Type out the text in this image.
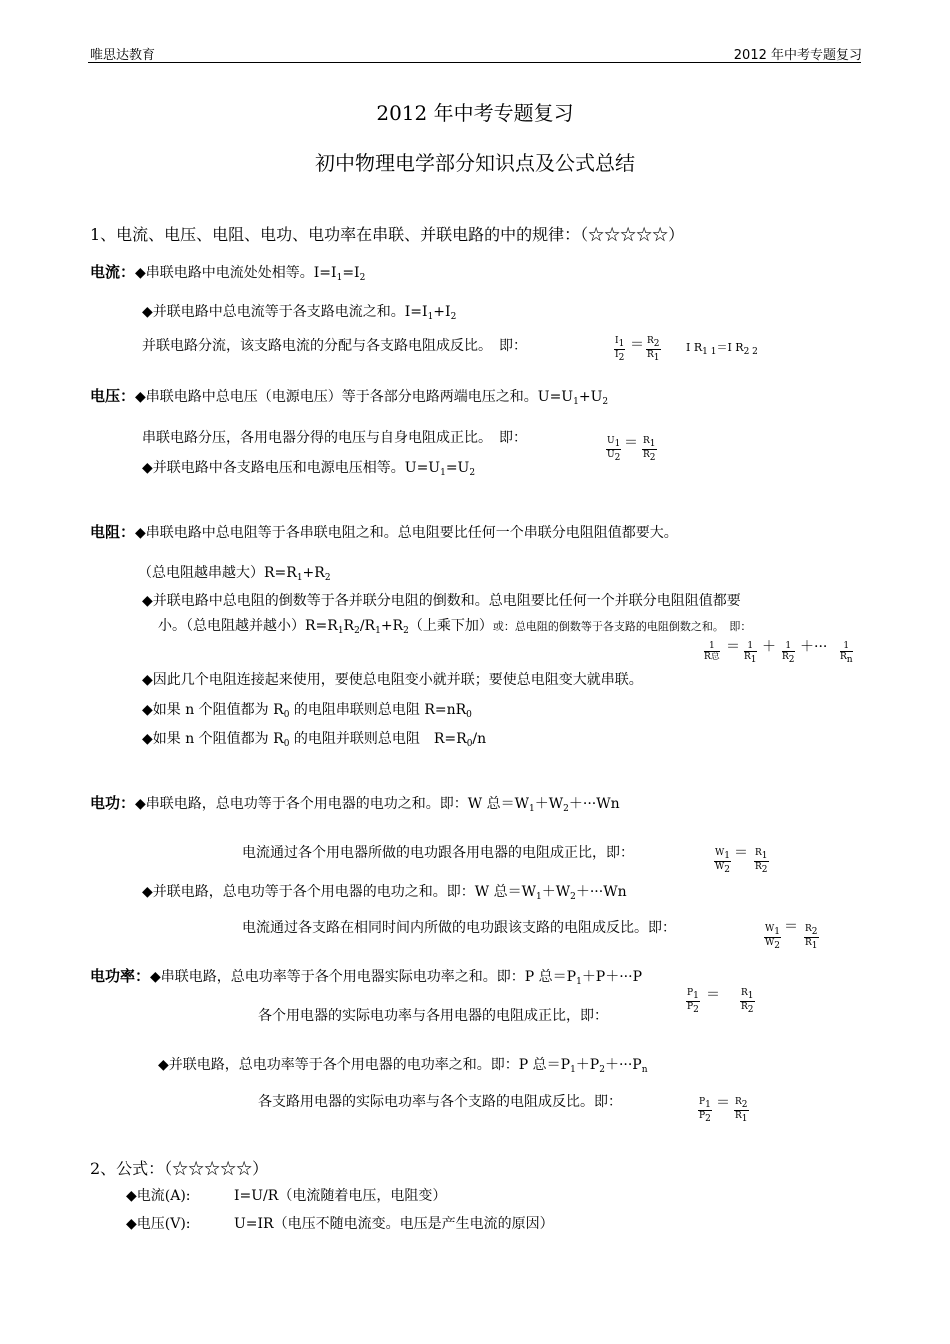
唯思达教育	2012 年中考专题复习
2012 年中考专题复习
初中物理电学部分知识点及公式总结
1、电流、电压、电阻、电功、电功率在串联、并联电路的中的规律：（☆☆☆☆☆）
电流：◆串联电路中电流处处相等。$I=I_1=I_2$
◆并联电路中总电流等于各支路电流之和。$I=I_1+I_2$
并联电路分流，该支路电流的分配与各支路电阻成反比。　即：	$\frac{I_1}{I_2} = \frac{R_2}{R_1}$ I $R_{1 1}=I$ $R_{2 2}$
电压：◆串联电路中总电压（电源电压）等于各部分电路两端电压之和。$U=U_1+U_2$
串联电路分压，各用电器分得的电压与自身电阻成正比。　即：	$\frac{U_1}{U_2} = \frac{R_1}{R_2}$
◆并联电路中各支路电压和电源电压相等。$U=U_1=U_2$
电阻：◆串联电路中总电阻等于各串联电阻之和。总电阻要比任何一个串联分电阻阻值都要大。
（总电阻越串越大）$R=R_1+R_2$
◆并联电路中总电阻的倒数等于各并联分电阻的倒数和。总电阻要比任何一个并联分电阻阻值都要
小。（总电阻越并越小）$R=R_1R_2/R_1+R_2$（上乘下加）或：总电阻的倒数等于各支路的电阻倒数之和。　即：
1
R总
＝ $\frac{1}{R_1} + \frac{1}{R_2}$ ＋··· $\frac{1}{R_n}$
◆因此几个电阻连接起来使用，要使总电阻变小就并联；要使总电阻变大就串联。
◆如果 n 个阻值都为 $R_0$ 的电阻串联则总电阻 $R=nR_0$
◆如果 n 个阻值都为 $R_0$ 的电阻并联则总电阻　$R=R_0/n$
电功：◆串联电路，总电功等于各个用电器的电功之和。即：W 总$=W_1+W_2+\cdot\cdot\cdot Wn$
电流通过各个用电器所做的电功跟各用电器的电阻成正比，即：	$\frac{W_1}{W_2} = \frac{R_1}{R_2}$
◆并联电路，总电功等于各个用电器的电功之和。即：W 总$=W_1+W_2+\cdot\cdot\cdot Wn$
电流通过各支路在相同时间内所做的电功跟该支路的电阻成反比。即：	$\frac{W_1}{W_2} = \frac{R_2}{R_1}$
电功率：◆串联电路，总电功率等于各个用电器实际电功率之和。即：P 总$=P_1+P+\cdot\cdot\cdot P$
$\frac{P_1}{P_2} = \frac{R_1}{R_2}$
各个用电器的实际电功率与各用电器的电阻成正比，即：
◆并联电路，总电功率等于各个用电器的电功率之和。即：P 总$=P_1+P_2+\cdot\cdot\cdot P_n$
各支路用电器的实际电功率与各个支路的电阻成反比。即：	$\frac{P_1}{P_2} = \frac{R_2}{R_1}$
2、公式：（☆☆☆☆☆）
◆电流(A):	I=U/R（电流随着电压，电阻变）
◆电压(V):	U=IR（电压不随电流变。电压是产生电流的原因）
